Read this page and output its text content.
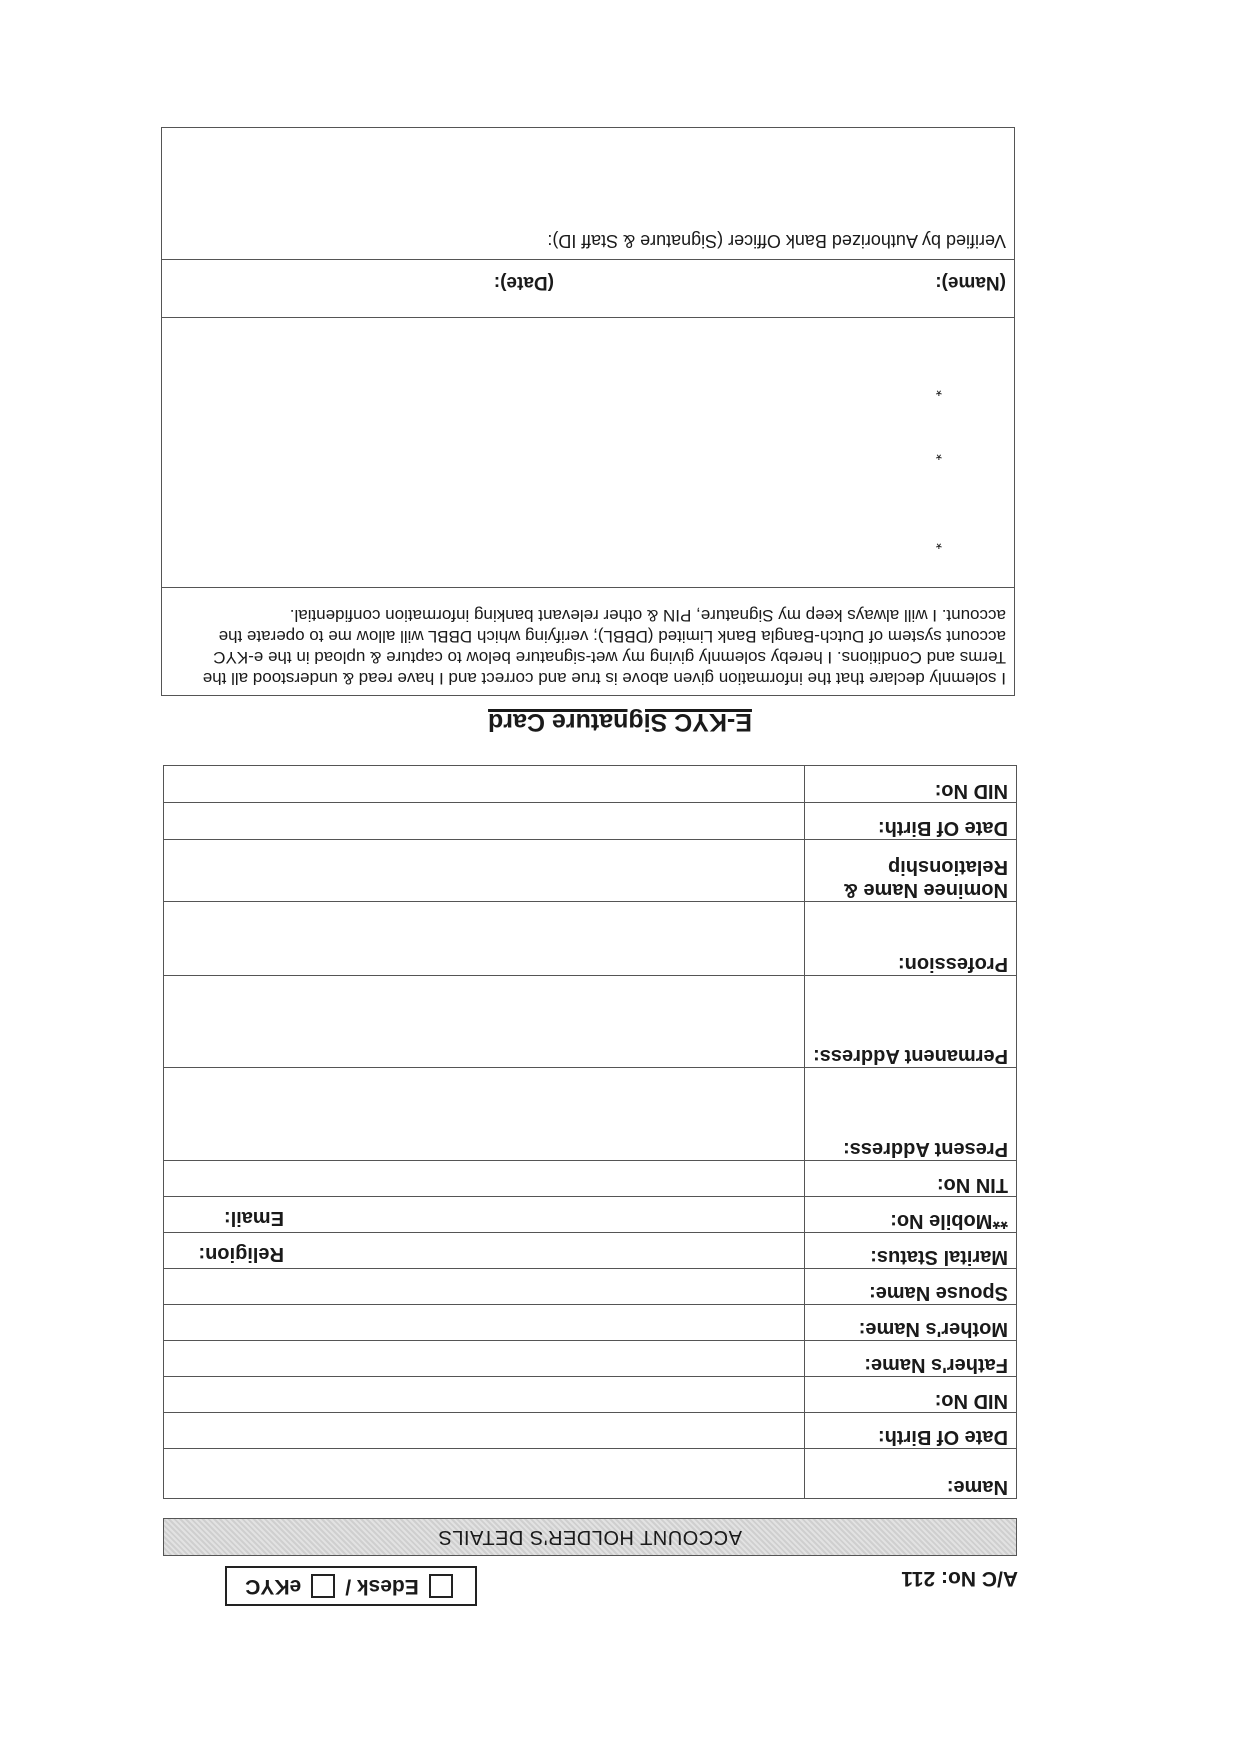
A/C No: 211
Edesk /
eKYC
ACCOUNT HOLDER'S DETAILS
Name:	
Date Of Birth:	
NID No:	
Father's Name:	
Mother's Name:	
Spouse Name:	
Marital Status:	Religion:

**Mobile No:	Email:

TIN No:	
Present Address:	
Permanent Address:	
Profession:	
Nominee Name & Relationship	
Date Of Birth:	
NID No:	
E-KYC Signature Card
I solemnly declare that the information given above is true and correct and I have read & understood all the Terms and Conditions. I hereby solemnly giving my wet-signature below to capture & upload in the e-KYC account system of Dutch-Bangla Bank Limited (DBBL); verifying which DBBL will allow me to operate the account. I will always keep my Signature, PIN & other relevant banking information confidential.
*
*
*
(Name):
(Date):
Verified by Authorized Bank Officer (Signature & Staff ID):
